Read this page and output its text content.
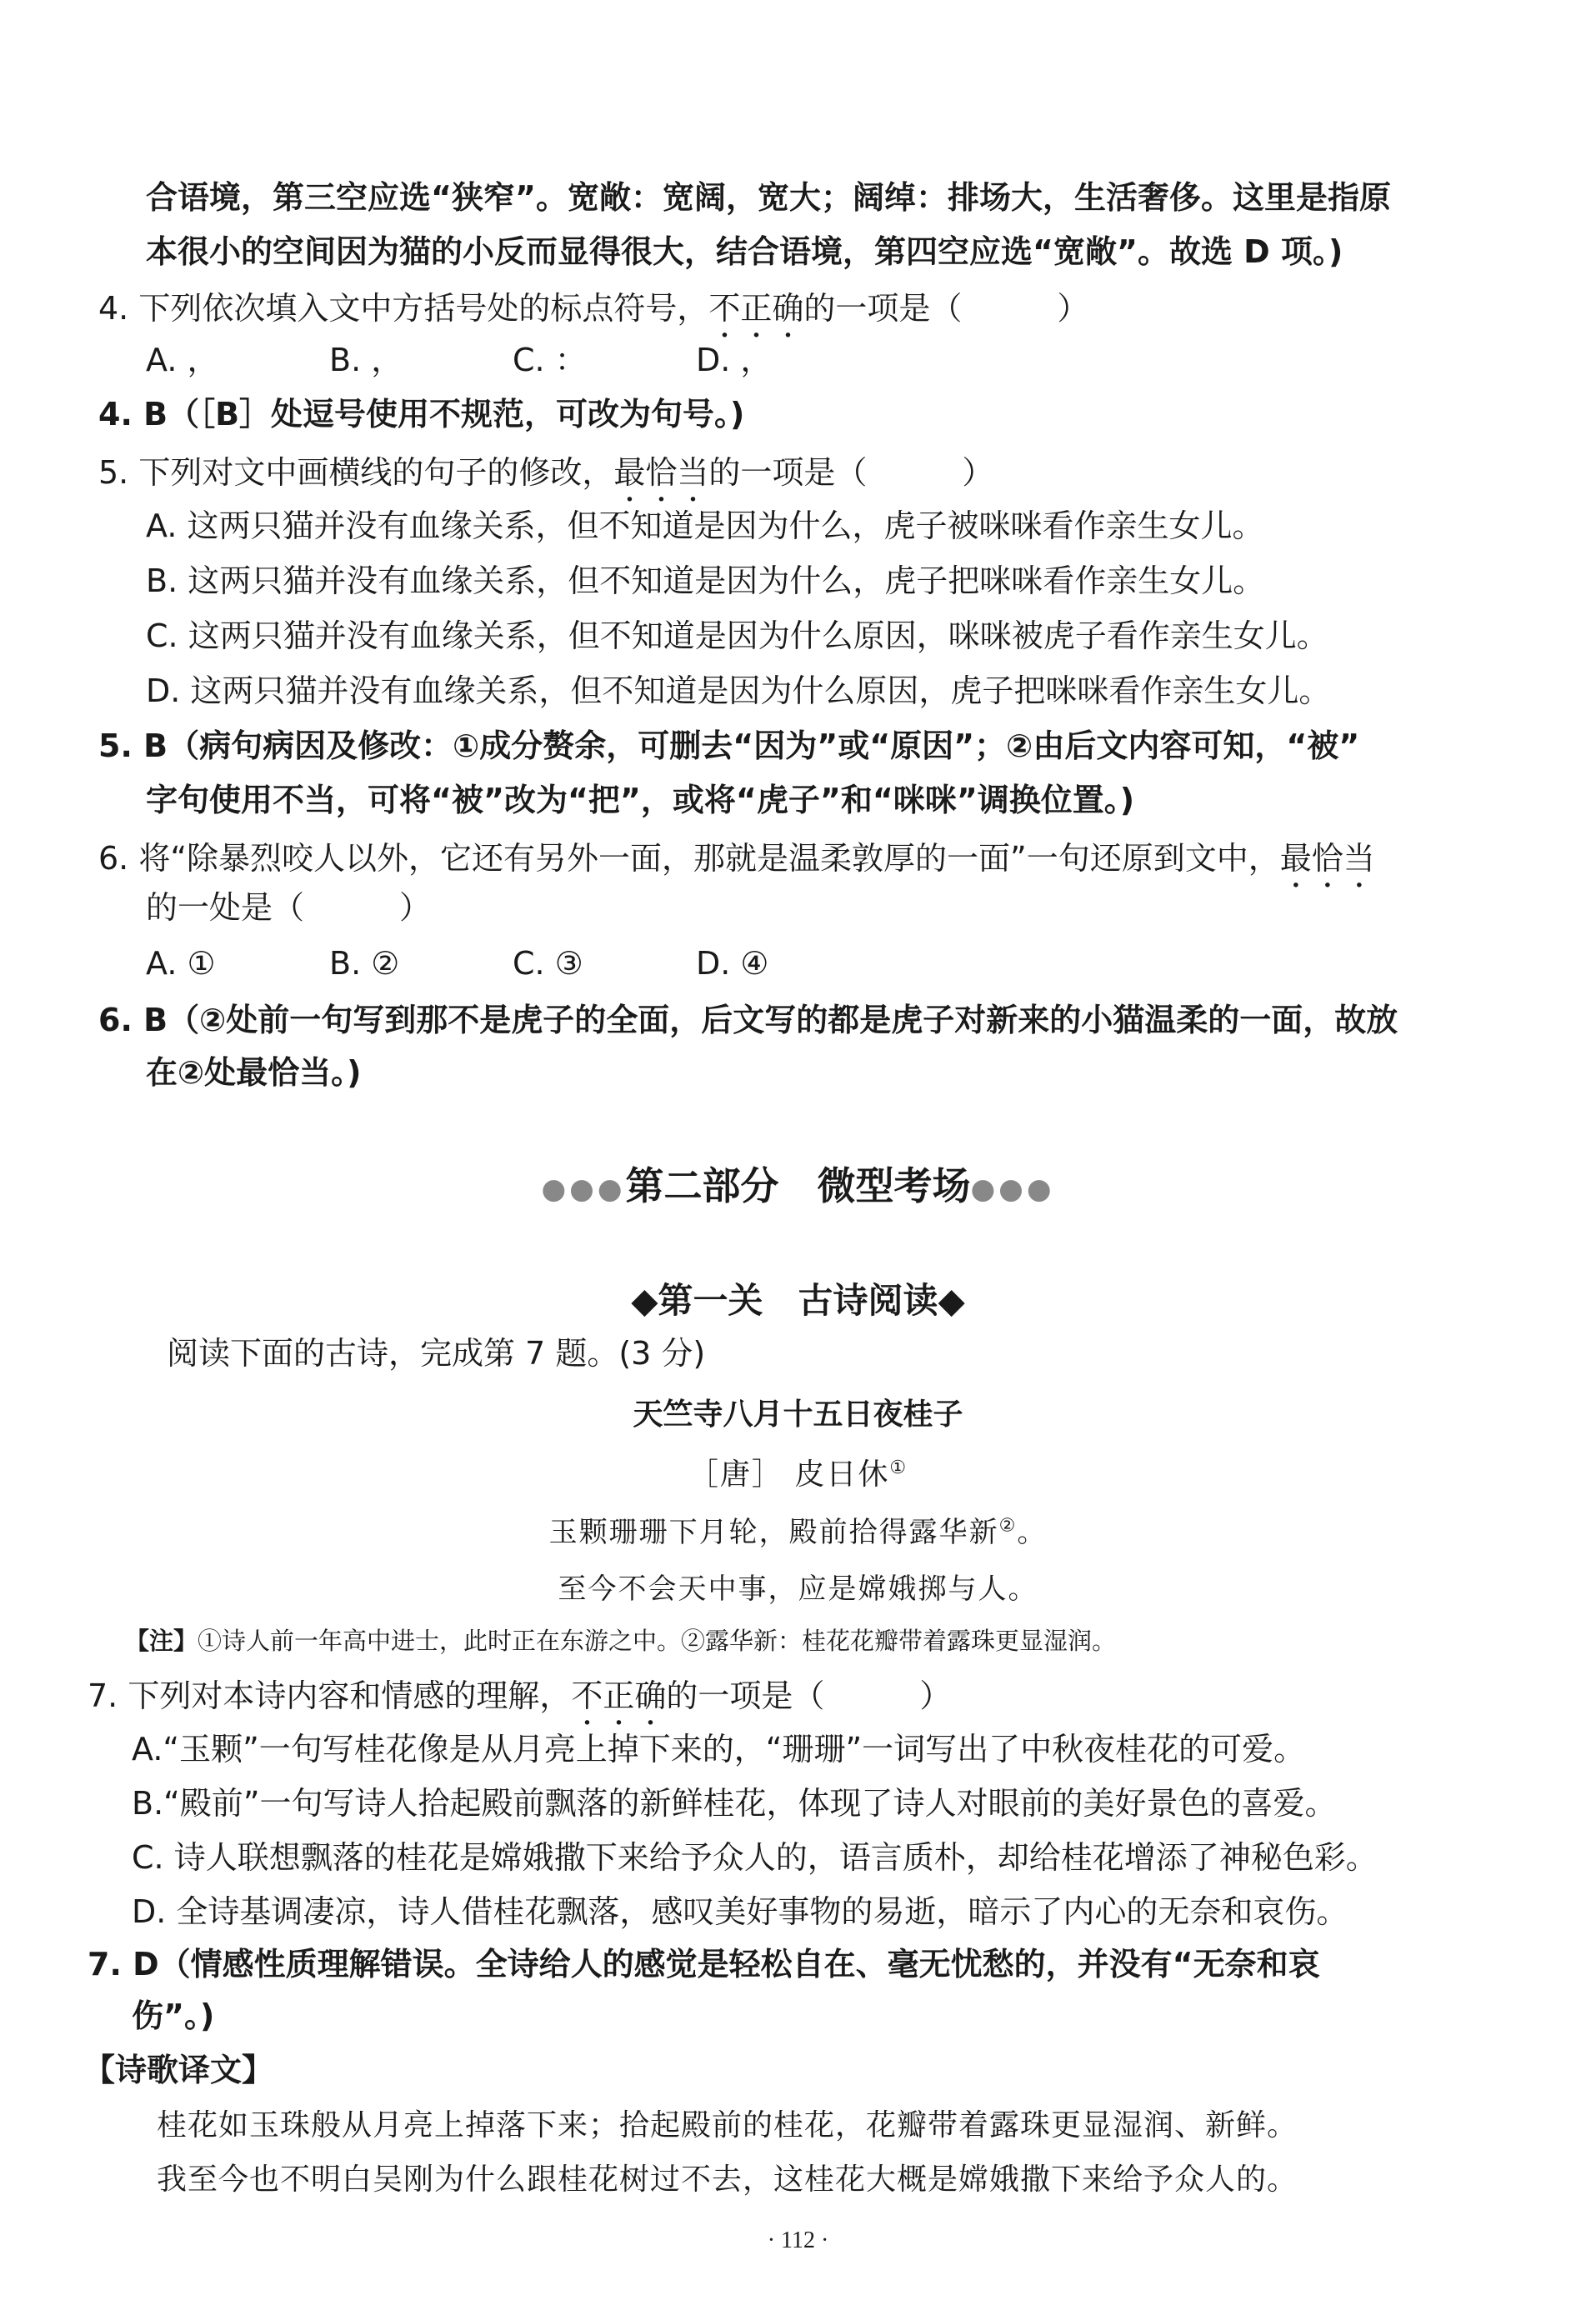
合语境，第三空应选“狭窄”。宽敞：宽阔，宽大；阔绰：排场大，生活奢侈。这里是指原
本很小的空间因为猫的小反而显得很大，结合语境，第四空应选“宽敞”。故选 D 项。)
4. 下列依次填入文中方括号处的标点符号，不正确的一项是（　　　）
A. ，	B. ，	C. ：	D. ，
4. B（［B］处逗号使用不规范，可改为句号。)
5. 下列对文中画横线的句子的修改，最恰当的一项是（　　　）
A. 这两只猫并没有血缘关系，但不知道是因为什么，虎子被咪咪看作亲生女儿。
B. 这两只猫并没有血缘关系，但不知道是因为什么，虎子把咪咪看作亲生女儿。
C. 这两只猫并没有血缘关系，但不知道是因为什么原因，咪咪被虎子看作亲生女儿。
D. 这两只猫并没有血缘关系，但不知道是因为什么原因，虎子把咪咪看作亲生女儿。
5. B（病句病因及修改：①成分赘余，可删去“因为”或“原因”；②由后文内容可知，“被”
字句使用不当，可将“被”改为“把”，或将“虎子”和“咪咪”调换位置。)
6. 将“除暴烈咬人以外，它还有另外一面，那就是温柔敦厚的一面”一句还原到文中，最恰当
的一处是（　　　）
A. ①	B. ②	C. ③	D. ④
6. B（②处前一句写到那不是虎子的全面，后文写的都是虎子对新来的小猫温柔的一面，故放
在②处最恰当。)
●●●第二部分　微型考场●●●
◆第一关　古诗阅读◆
阅读下面的古诗，完成第 7 题。(3 分)
天竺寺八月十五日夜桂子
［唐］ 皮日休①
玉颗珊珊下月轮，殿前拾得露华新②。
至今不会天中事，应是嫦娥掷与人。
【注】①诗人前一年高中进士，此时正在东游之中。②露华新：桂花花瓣带着露珠更显湿润。
7. 下列对本诗内容和情感的理解，不正确的一项是（　　　）
A.“玉颗”一句写桂花像是从月亮上掉下来的，“珊珊”一词写出了中秋夜桂花的可爱。
B.“殿前”一句写诗人拾起殿前飘落的新鲜桂花，体现了诗人对眼前的美好景色的喜爱。
C. 诗人联想飘落的桂花是嫦娥撒下来给予众人的，语言质朴，却给桂花增添了神秘色彩。
D. 全诗基调凄凉，诗人借桂花飘落，感叹美好事物的易逝，暗示了内心的无奈和哀伤。
7. D（情感性质理解错误。全诗给人的感觉是轻松自在、毫无忧愁的，并没有“无奈和哀
伤”。)
【诗歌译文】
桂花如玉珠般从月亮上掉落下来；拾起殿前的桂花，花瓣带着露珠更显湿润、新鲜。
我至今也不明白吴刚为什么跟桂花树过不去，这桂花大概是嫦娥撒下来给予众人的。
· 112 ·
